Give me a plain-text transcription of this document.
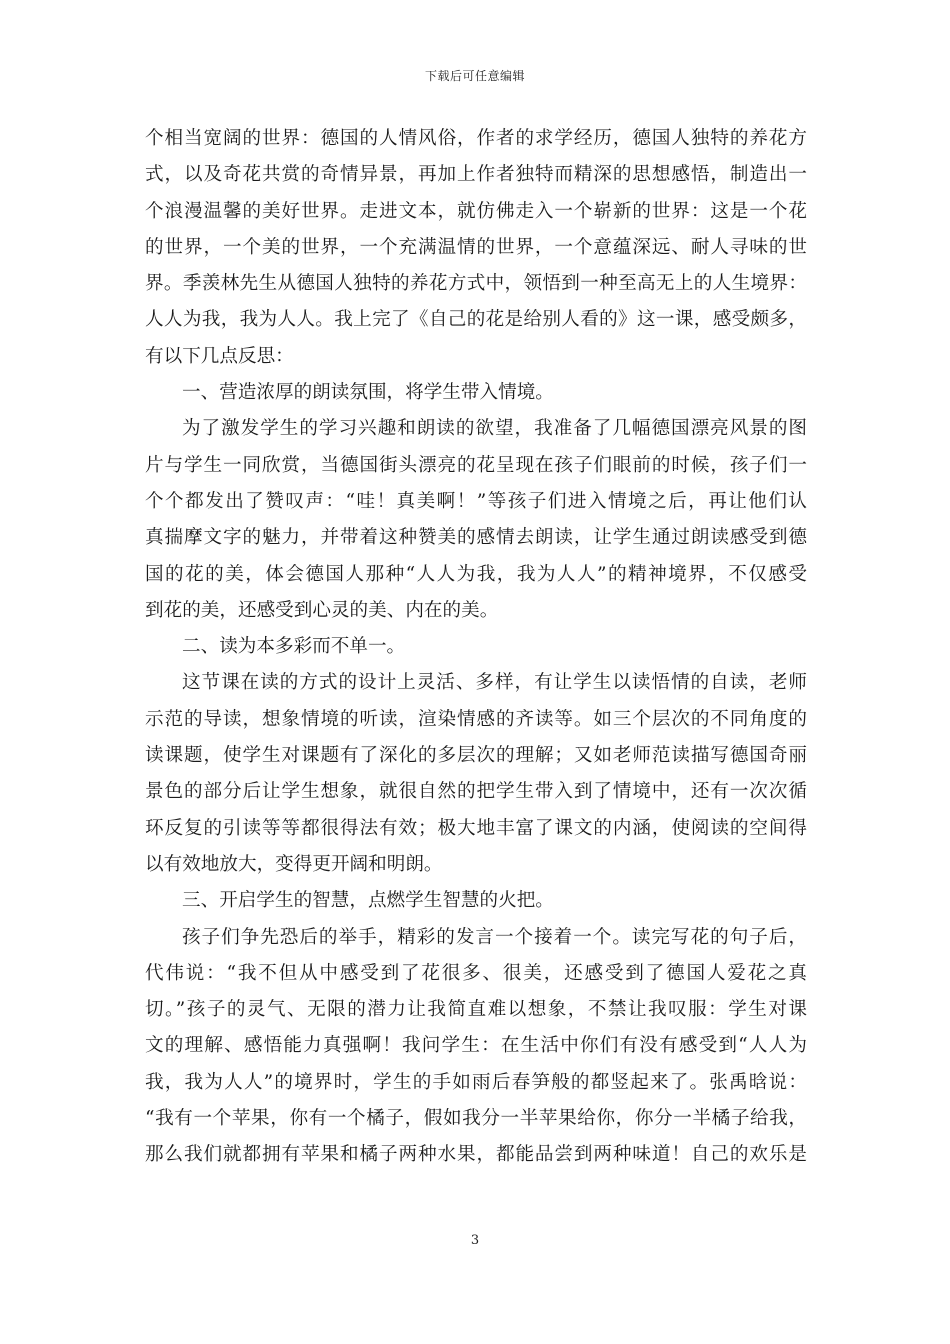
下载后可任意编辑
个相当宽阔的世界：德国的人情风俗，作者的求学经历，德国人独特的养花方
式，以及奇花共赏的奇情异景，再加上作者独特而精深的思想感悟，制造出一
个浪漫温馨的美好世界。走进文本，就仿佛走入一个崭新的世界：这是一个花
的世界，一个美的世界，一个充满温情的世界，一个意蕴深远、耐人寻味的世
界。季羡林先生从德国人独特的养花方式中，领悟到一种至高无上的人生境界：
人人为我，我为人人。我上完了《自己的花是给别人看的》这一课，感受颇多，
有以下几点反思：
一、营造浓厚的朗读氛围，将学生带入情境。
为了激发学生的学习兴趣和朗读的欲望，我准备了几幅德国漂亮风景的图
片与学生一同欣赏，当德国街头漂亮的花呈现在孩子们眼前的时候，孩子们一
个个都发出了赞叹声：“哇！真美啊！”等孩子们进入情境之后，再让他们认
真揣摩文字的魅力，并带着这种赞美的感情去朗读，让学生通过朗读感受到德
国的花的美，体会德国人那种“人人为我，我为人人”的精神境界，不仅感受
到花的美，还感受到心灵的美、内在的美。
二、读为本多彩而不单一。
这节课在读的方式的设计上灵活、多样，有让学生以读悟情的自读，老师
示范的导读，想象情境的听读，渲染情感的齐读等。如三个层次的不同角度的
读课题，使学生对课题有了深化的多层次的理解；又如老师范读描写德国奇丽
景色的部分后让学生想象，就很自然的把学生带入到了情境中，还有一次次循
环反复的引读等等都很得法有效；极大地丰富了课文的内涵，使阅读的空间得
以有效地放大，变得更开阔和明朗。
三、开启学生的智慧，点燃学生智慧的火把。
孩子们争先恐后的举手，精彩的发言一个接着一个。读完写花的句子后，
代伟说：“我不但从中感受到了花很多、很美，还感受到了德国人爱花之真
切。”孩子的灵气、无限的潜力让我简直难以想象，不禁让我叹服：学生对课
文的理解、感悟能力真强啊！我问学生：在生活中你们有没有感受到“人人为
我，我为人人”的境界时，学生的手如雨后春笋般的都竖起来了。张禹晗说：
“我有一个苹果，你有一个橘子，假如我分一半苹果给你，你分一半橘子给我，
那么我们就都拥有苹果和橘子两种水果，都能品尝到两种味道！自己的欢乐是
3
